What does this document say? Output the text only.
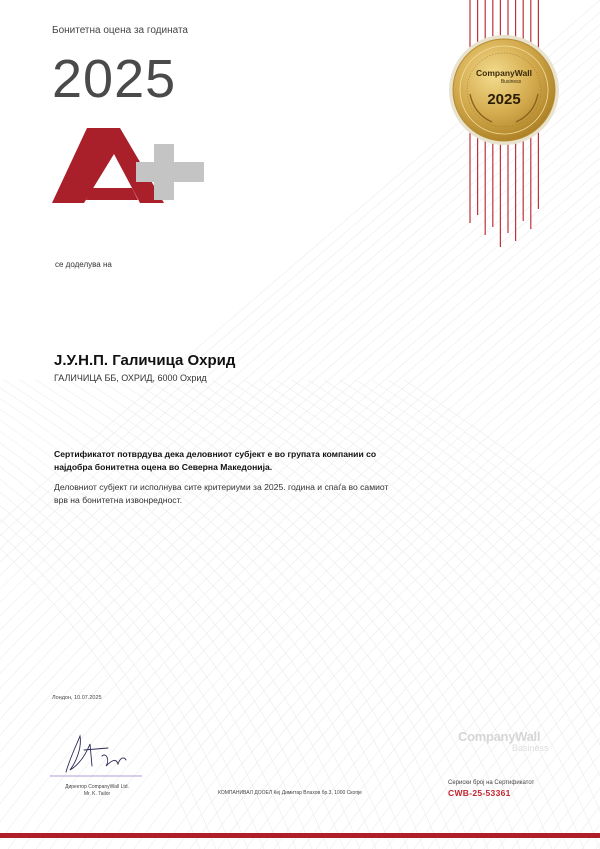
CompanyWall
Business
2025
Бонитетна оцена за годината
2025
се доделува на
Ј.У.Н.П. Галичица Охрид
ГАЛИЧИЦА ББ, ОХРИД, 6000 Охрид
Сертификатот потврдува дека деловниот субјект е во групата компании со најдобра бонитетна оцена во Северна Македонија.
Деловниот субјект ги исполнува сите критериуми за 2025. година и спаѓа во самиот врв на бонитетна извонредност.
Лондон, 10.07.2025
Директор CompanyWall Ltd.
Mr. K. Tailor	КОМПАНИВАЛ ДООЕЛ Кеј Димитар Влахов бр.3, 1000 Скопје
CompanyWall
Business
Сериски број на Сертификатот
CWB-25-53361
